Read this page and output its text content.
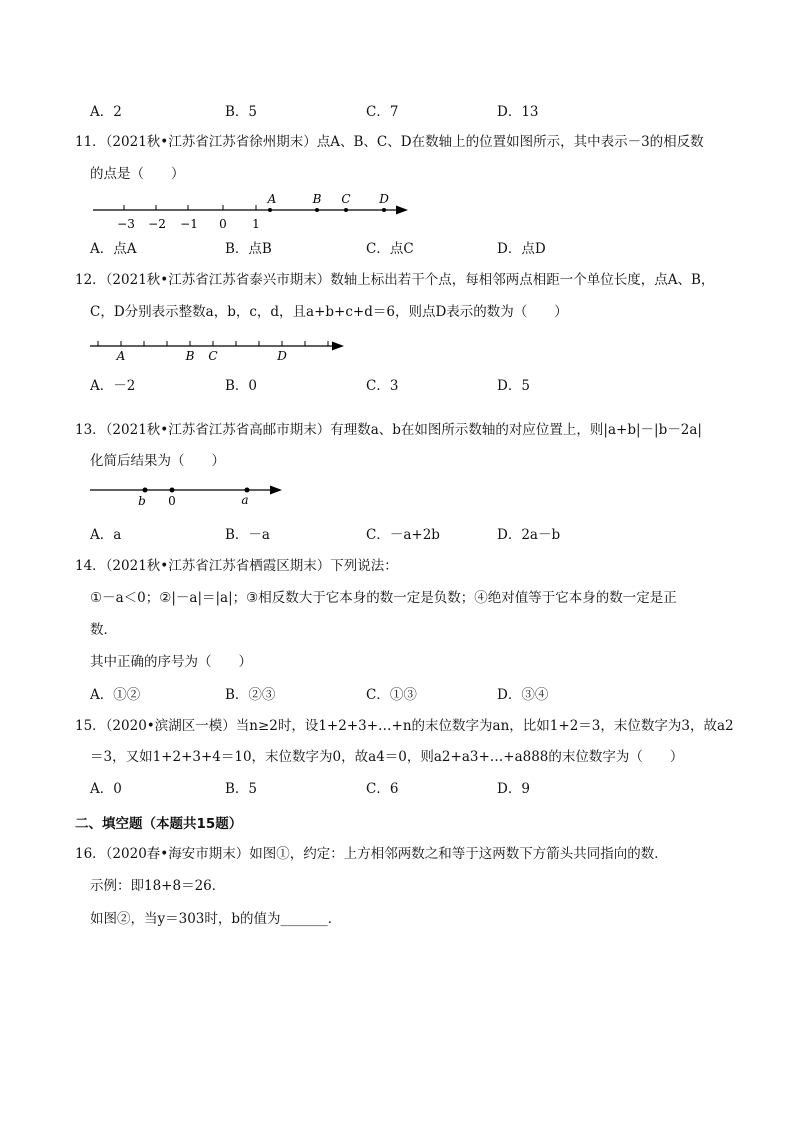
A．2	B．5	C．7	D．13
11．（2021秋•江苏省江苏省徐州期末）点A、B、C、D在数轴上的位置如图所示，其中表示－3的相反数
的点是（　　）
−3 −2 −1 0 1
A	B C D
A．点A	B．点B	C．点C	D．点D
12．（2021秋•江苏省江苏省泰兴市期末）数轴上标出若干个点，每相邻两点相距一个单位长度，点A、B，
C，D分别表示整数a，b，c，d，且a+b+c+d＝6，则点D表示的数为（　　）
A	B C	D
A．－2	B．0	C．3	D．5
13．（2021秋•江苏省江苏省高邮市期末）有理数a、b在如图所示数轴的对应位置上，则|a+b|－|b－2a|
化简后结果为（　　）
b 0	a
A．a	B．－a	C．－a+2b	D．2a－b
14．（2021秋•江苏省江苏省栖霞区期末）下列说法：
①－a＜0；②|－a|＝|a|；③相反数大于它本身的数一定是负数；④绝对值等于它本身的数一定是正
数．
其中正确的序号为（　　）
A．①②	B．②③	C．①③	D．③④
15．（2020•滨湖区一模）当n≥2时，设1+2+3+…+n的末位数字为an，比如1+2＝3，末位数字为3，故a2
＝3，又如1+2+3+4＝10，末位数字为0，故a4＝0，则a2+a3+…+a888的末位数字为（　　）
A．0	B．5	C．6	D．9
二、填空题（本题共15题）
16．（2020春•海安市期末）如图①，约定：上方相邻两数之和等于这两数下方箭头共同指向的数．
示例：即18+8＝26．
如图②，当y＝303时，b的值为_______．
